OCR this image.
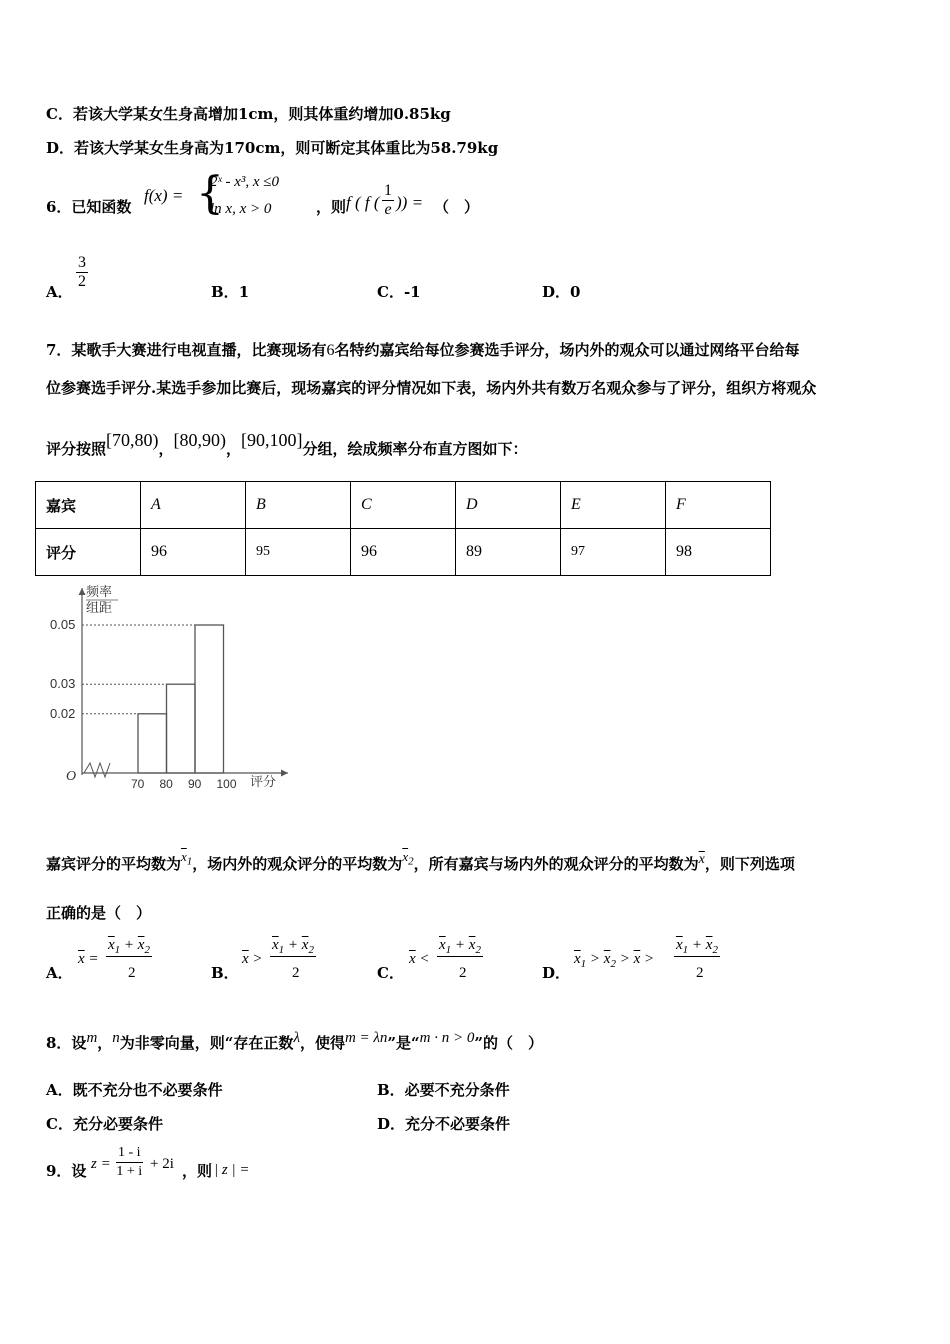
C．若该大学某女生身高增加1cm，则其体重约增加0.85kg
D．若该大学某女生身高为170cm，则可断定其体重比为58.79kg
6．已知函数
f(x) = {
2ˣ - x³, x ≤0
ln x, x > 0	，则 f ( f ( $\frac{1}{e}$ )) = （　）
A．
$\frac{3}{2}$
B．1	C．-1	D．0
7．某歌手大赛进行电视直播，比赛现场有6名特约嘉宾给每位参赛选手评分，场内外的观众可以通过网络平台给每
位参赛选手评分.某选手参加比赛后，现场嘉宾的评分情况如下表，场内外共有数万名观众参与了评分，组织方将观众
评分按照[70,80)，[80,90)，[90,100]分组，绘成频率分布直方图如下：
嘉宾	A	B	C	D	E	F
评分	96	95	96	89	97	98
O
频率
组距
评分
0.02
0.03
0.05
70 80 90 100
嘉宾评分的平均数为$\overline{x}_1$，场内外的观众评分的平均数为$\overline{x}_2$，所有嘉宾与场内外的观众评分的平均数为$\overline{x}$，则下列选项
正确的是（　）
A．
$\overline{x}$ =
$\overline{x}_1 + \overline{x}_2$
2	B．
$\overline{x}$ >
$\overline{x}_1 + \overline{x}_2$
2	C．
$\overline{x}$ <
$\overline{x}_1 + \overline{x}_2$
2	D．
$\overline{x}_1 > \overline{x}_2 > \overline{x}$ >
$\overline{x}_1 + \overline{x}_2$
2
8．设m，n为非零向量，则“存在正数λ，使得m = λn”是“m · n > 0”的（　）
A．既不充分也不必要条件	B．必要不充分条件
C．充分必要条件	D．充分不必要条件
9．设 $z = \frac{1 - i}{1 + i} + 2i$ ，则 | z | =
